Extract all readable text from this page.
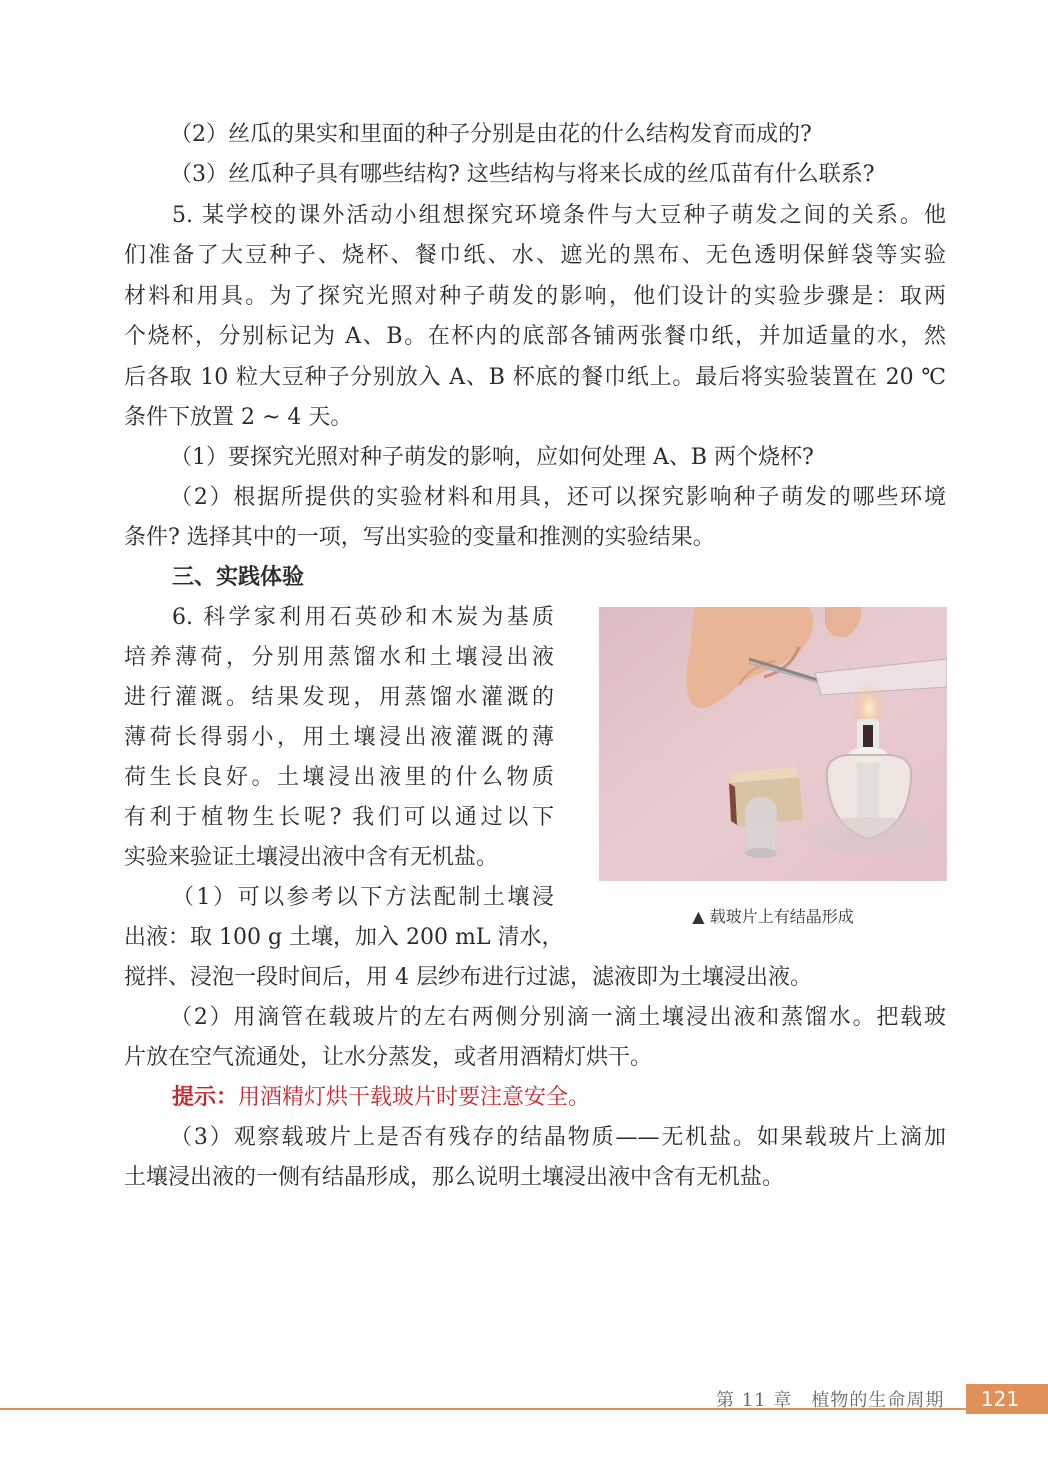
（2）丝瓜的果实和里面的种子分别是由花的什么结构发育而成的?
（3）丝瓜种子具有哪些结构? 这些结构与将来长成的丝瓜苗有什么联系?
5. 某学校的课外活动小组想探究环境条件与大豆种子萌发之间的关系。他
们准备了大豆种子、烧杯、餐巾纸、水、遮光的黑布、无色透明保鲜袋等实验
材料和用具。为了探究光照对种子萌发的影响，他们设计的实验步骤是：取两
个烧杯，分别标记为 A、B。在杯内的底部各铺两张餐巾纸，并加适量的水，然
后各取 10 粒大豆种子分别放入 A、B 杯底的餐巾纸上。最后将实验装置在 20 ℃
条件下放置 2 ~ 4 天。
（1）要探究光照对种子萌发的影响，应如何处理 A、B 两个烧杯?
（2）根据所提供的实验材料和用具，还可以探究影响种子萌发的哪些环境
条件? 选择其中的一项，写出实验的变量和推测的实验结果。
三、实践体验
6. 科学家利用石英砂和木炭为基质
培养薄荷，分别用蒸馏水和土壤浸出液
进行灌溉。结果发现，用蒸馏水灌溉的
薄荷长得弱小，用土壤浸出液灌溉的薄
荷生长良好。土壤浸出液里的什么物质
有利于植物生长呢? 我们可以通过以下
实验来验证土壤浸出液中含有无机盐。
（1）可以参考以下方法配制土壤浸
出液：取 100 g 土壤，加入 200 mL 清水，
搅拌、浸泡一段时间后，用 4 层纱布进行过滤，滤液即为土壤浸出液。
（2）用滴管在载玻片的左右两侧分别滴一滴土壤浸出液和蒸馏水。把载玻
片放在空气流通处，让水分蒸发，或者用酒精灯烘干。
提示：用酒精灯烘干载玻片时要注意安全。
（3）观察载玻片上是否有残存的结晶物质——无机盐。如果载玻片上滴加
土壤浸出液的一侧有结晶形成，那么说明土壤浸出液中含有无机盐。
▲ 载玻片上有结晶形成
第 11 章　植物的生命周期	121
